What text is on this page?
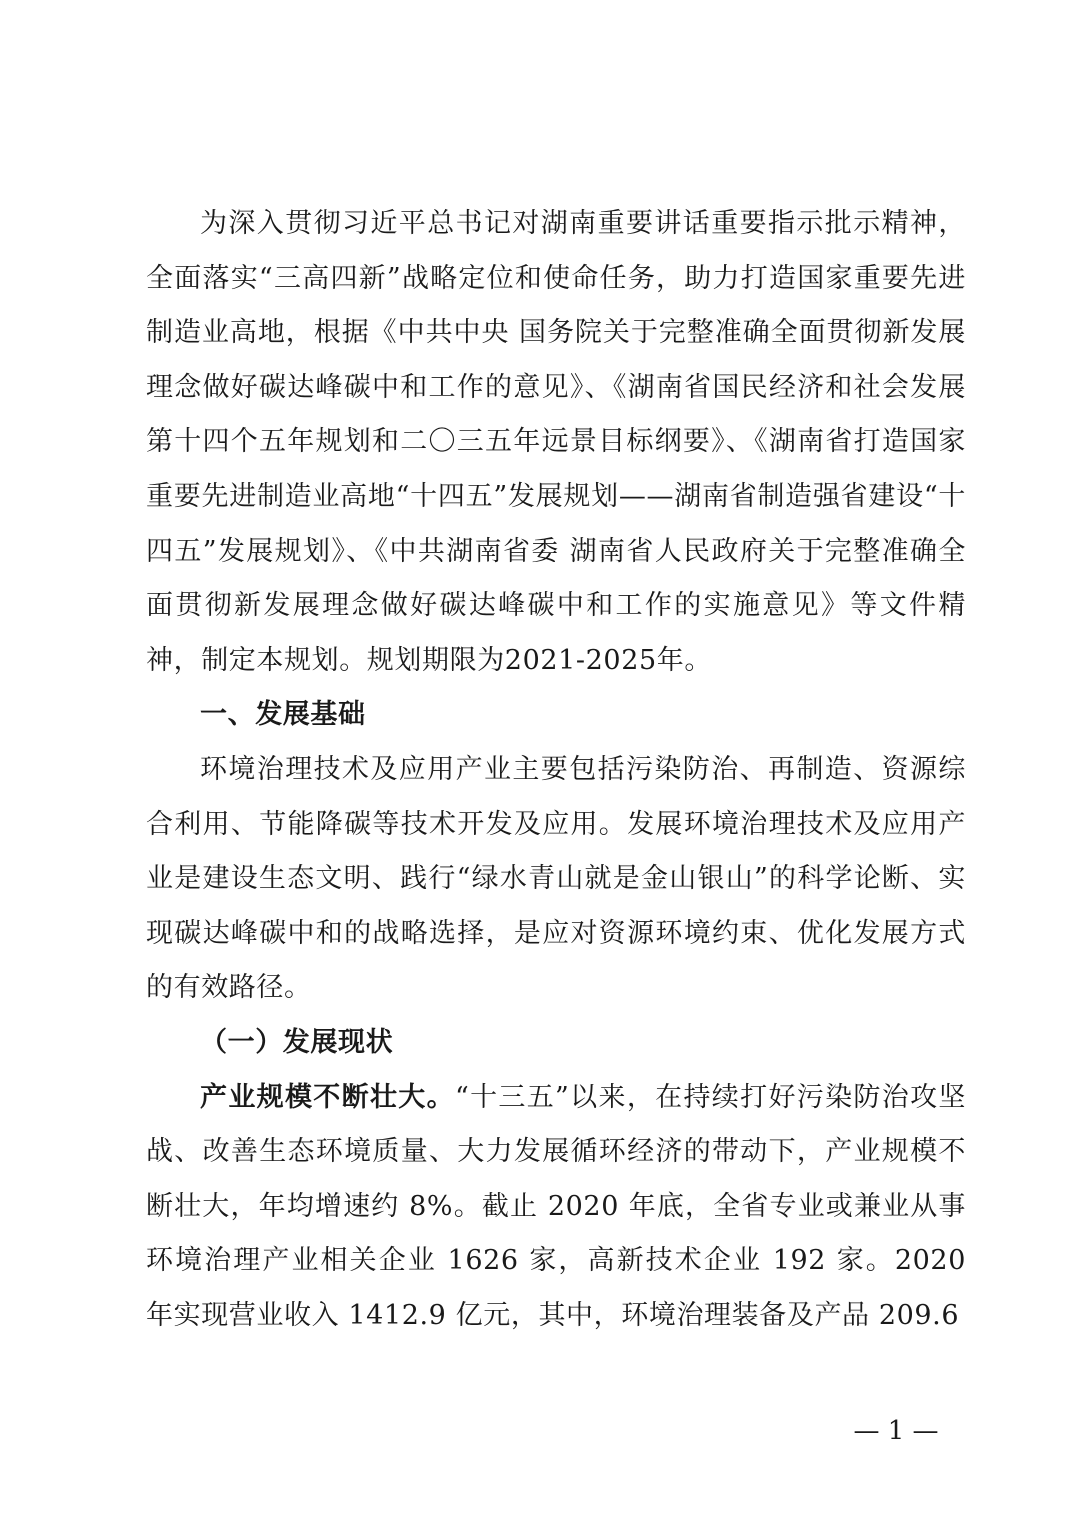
为深入贯彻习近平总书记对湖南重要讲话重要指示批示精神，全面落实“三高四新”战略定位和使命任务，助力打造国家重要先进制造业高地，根据《中共中央 国务院关于完整准确全面贯彻新发展理念做好碳达峰碳中和工作的意见》、《湖南省国民经济和社会发展第十四个五年规划和二〇三五年远景目标纲要》、《湖南省打造国家重要先进制造业高地“十四五”发展规划——湖南省制造强省建设“十四五”发展规划》、《中共湖南省委 湖南省人民政府关于完整准确全面贯彻新发展理念做好碳达峰碳中和工作的实施意见》等文件精神，制定本规划。规划期限为2021-2025年。

一、发展基础

环境治理技术及应用产业主要包括污染防治、再制造、资源综合利用、节能降碳等技术开发及应用。发展环境治理技术及应用产业是建设生态文明、践行“绿水青山就是金山银山”的科学论断、实现碳达峰碳中和的战略选择，是应对资源环境约束、优化发展方式的有效路径。

（一）发展现状

产业规模不断壮大。“十三五”以来，在持续打好污染防治攻坚战、改善生态环境质量、大力发展循环经济的带动下，产业规模不断壮大，年均增速约 8%。截止 2020 年底，全省专业或兼业从事环境治理产业相关企业 1626 家，高新技术企业 192 家。2020 年实现营业收入 1412.9 亿元，其中，环境治理装备及产品 209.6

— 1 —
